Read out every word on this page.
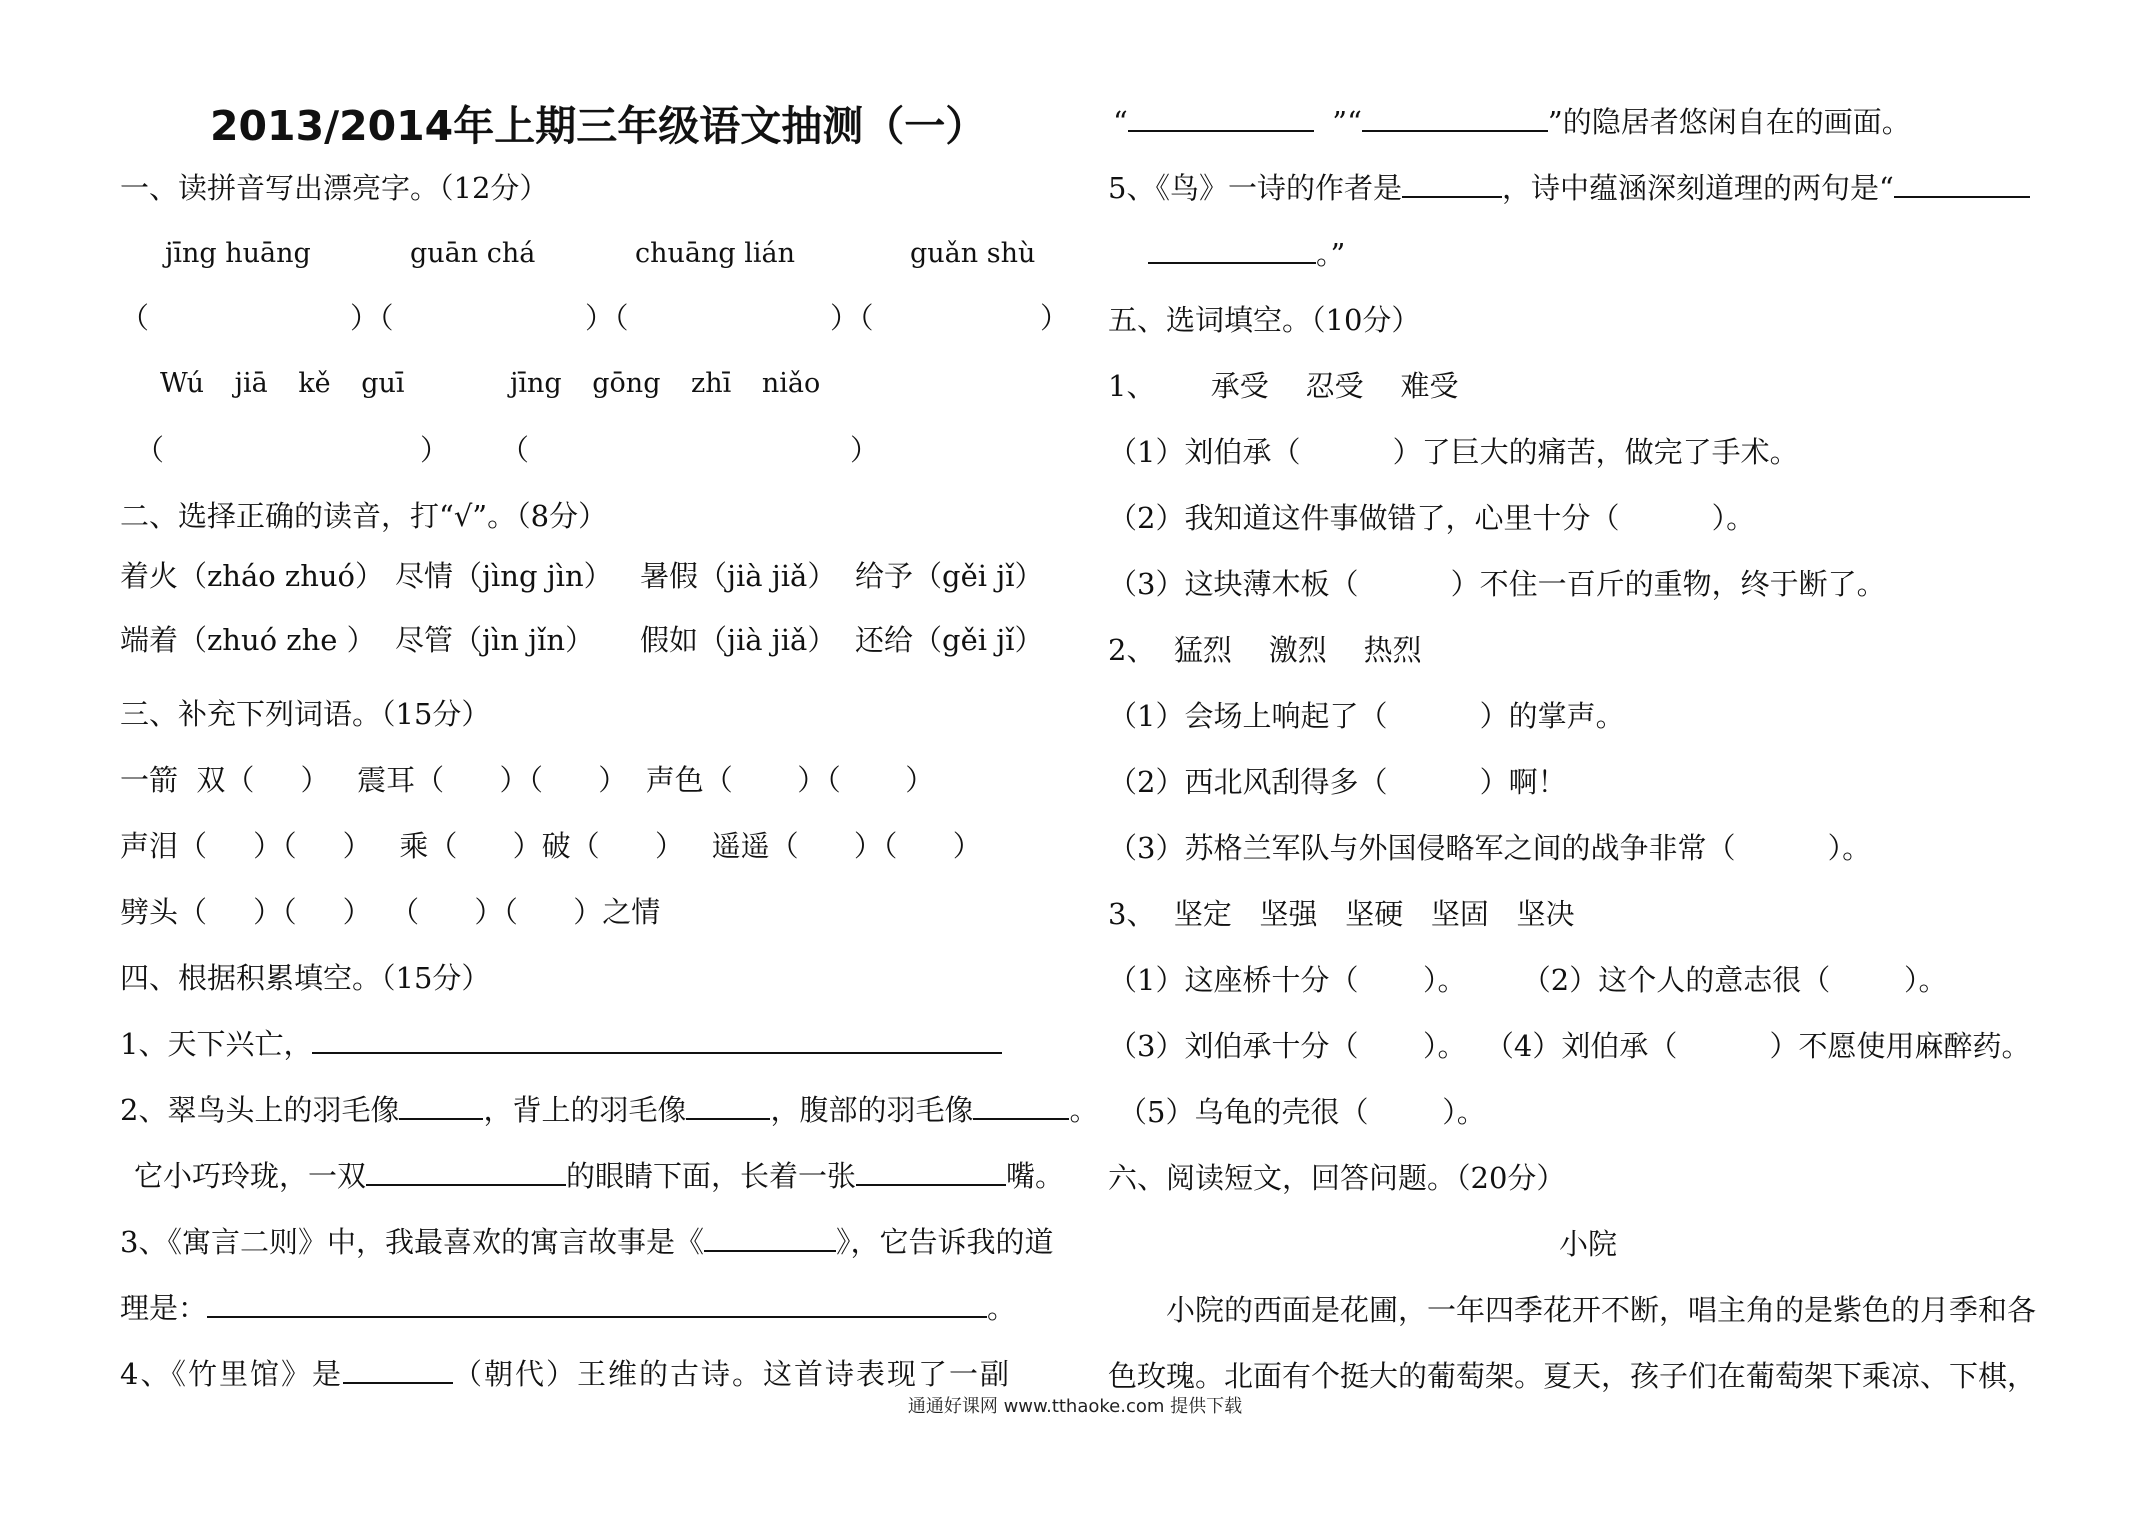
2013/2014年上期三年级语文抽测（一）
一、读拼音写出漂亮字。（12分）
jīng huāng	guān chá	chuāng lián	guǎn shù
（	）（	）（	）（	）
Wú jiā kě guī	jīng gōng zhī niǎo
（	） （	）
二、选择正确的读音，打“√”。（8分）
着火（zháo zhuó） 尽情（jìng jìn） 暑假（jià jiǎ） 给予（gěi jǐ）
端着（zhuó zhe ） 尽管（jìn jǐn） 假如（jià jiǎ） 还给（gěi jǐ）
三、补充下列词语。（15分）
一箭  双（     ）   震耳（      ）（      ）  声色（       ）（       ）
声泪（     ）（     ）   乘（      ）破（      ）   遥遥（      ）（      ）
劈头（     ）（     ）  （      ）（      ）之情
四、根据积累填空。（15分）
1、天下兴亡，
2、翠鸟头上的羽毛像	，背上的羽毛像	，腹部的羽毛像	。
它小巧玲珑，一双	的眼睛下面，长着一张	嘴。
3、《寓言二则》中，我最喜欢的寓言故事是《	》，它告诉我的道
理是：	。
4、《竹里馆》是	（朝代）王维的古诗。这首诗表现了一副
“	”“	”的隐居者悠闲自在的画面。
5、《鸟》一诗的作者是	，诗中蕴涵深刻道理的两句是“
。”
五、选词填空。（10分）
1、      承受    忍受    难受
（1）刘伯承（          ）了巨大的痛苦，做完了手术。
（2）我知道这件事做错了，心里十分（          ）。
（3）这块薄木板（          ）不住一百斤的重物，终于断了。
2、  猛烈    激烈    热烈
（1）会场上响起了（          ）的掌声。
（2）西北风刮得多（          ）啊！
（3）苏格兰军队与外国侵略军之间的战争非常（          ）。
3、  坚定   坚强   坚硬   坚固   坚决
（1）这座桥十分（       ）。      （2）这个人的意志很（        ）。
（3）刘伯承十分（       ）。  （4）刘伯承（          ）不愿使用麻醉药。
（5）乌龟的壳很（        ）。
六、阅读短文，回答问题。（20分）
小院
小院的西面是花圃，一年四季花开不断，唱主角的是紫色的月季和各
色玫瑰。北面有个挺大的葡萄架。夏天，孩子们在葡萄架下乘凉、下棋，
通通好课网 www.tthaoke.com 提供下载
